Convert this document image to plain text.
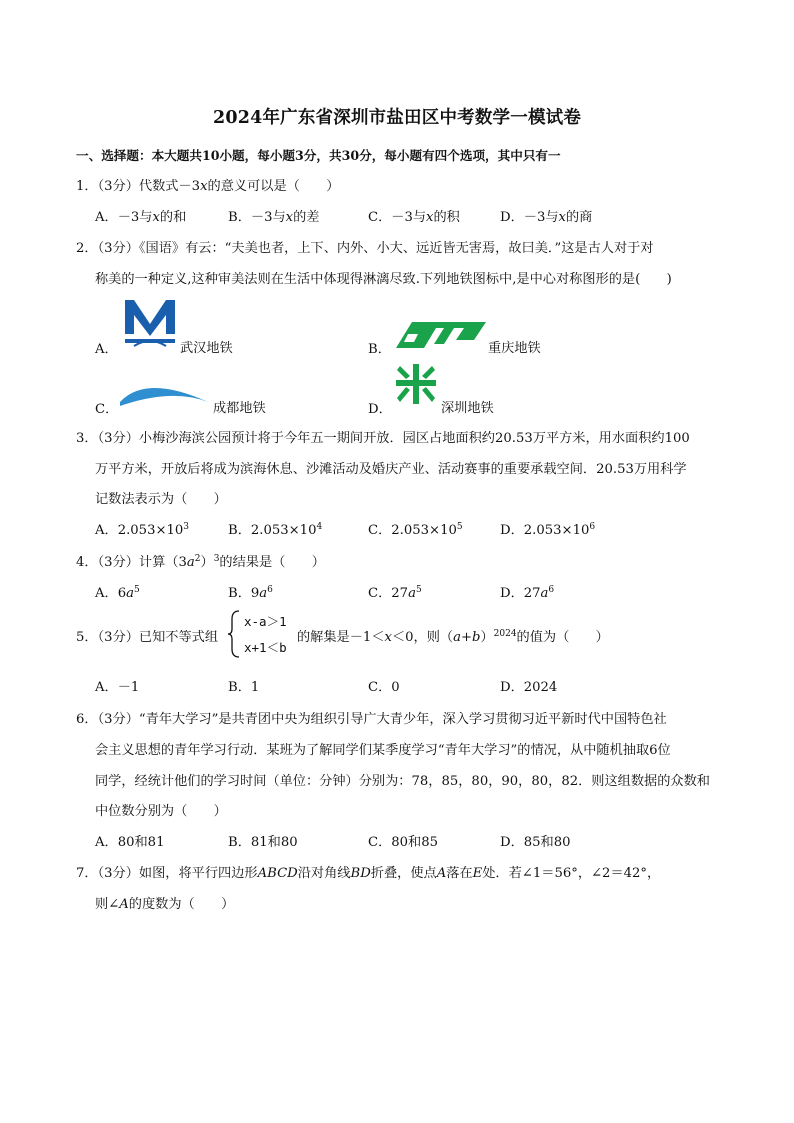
2024年广东省深圳市盐田区中考数学一模试卷
一、选择题：本大题共10小题，每小题3分，共30分，每小题有四个选项，其中只有一
1．（3分）代数式－3x的意义可以是（　　）
A．－3与x的和	B．－3与x的差	C．－3与x的积	D．－3与x的商
2．（3分）《国语》有云：“夫美也者，上下、内外、小大、远近皆无害焉，故曰美．”这是古人对于对
称美的一种定义,这种审美法则在生活中体现得淋漓尽致.下列地铁图标中,是中心对称图形的是(　　)
A．	武汉地铁	B．	重庆地铁
C．	成都地铁	D．	深圳地铁
3．（3分）小梅沙海滨公园预计将于今年五一期间开放．园区占地面积约20.53万平方米，用水面积约100
万平方米，开放后将成为滨海休息、沙滩活动及婚庆产业、活动赛事的重要承载空间．20.53万用科学
记数法表示为（　　）
A．$2.053\times 10^3$	B．$2.053\times 10^4$	C．$2.053\times 10^5$	D．$2.053\times 10^6$
4．（3分）计算$(3a^2)^3$的结果是（　　）
A．$6a^5$	B．$9a^6$	C．$27a^5$	D．$27a^6$
5．（3分）已知不等式组
x-a＞1
x+1＜b
的解集是－1＜x＜0，则$(a+b)^{2024}$的值为（　　）
A．－1	B．1	C．0	D．2024
6．（3分）“青年大学习”是共青团中央为组织引导广大青少年，深入学习贯彻习近平新时代中国特色社
会主义思想的青年学习行动．某班为了解同学们某季度学习“青年大学习”的情况，从中随机抽取6位
同学，经统计他们的学习时间（单位：分钟）分别为：78，85，80，90，80，82．则这组数据的众数和
中位数分别为（　　）
A．80和81	B．81和80	C．80和85	D．85和80
7．（3分）如图，将平行四边形ABCD沿对角线BD折叠，使点A落在E处．若∠1＝56°，∠2＝42°，
则∠A的度数为（　　）
